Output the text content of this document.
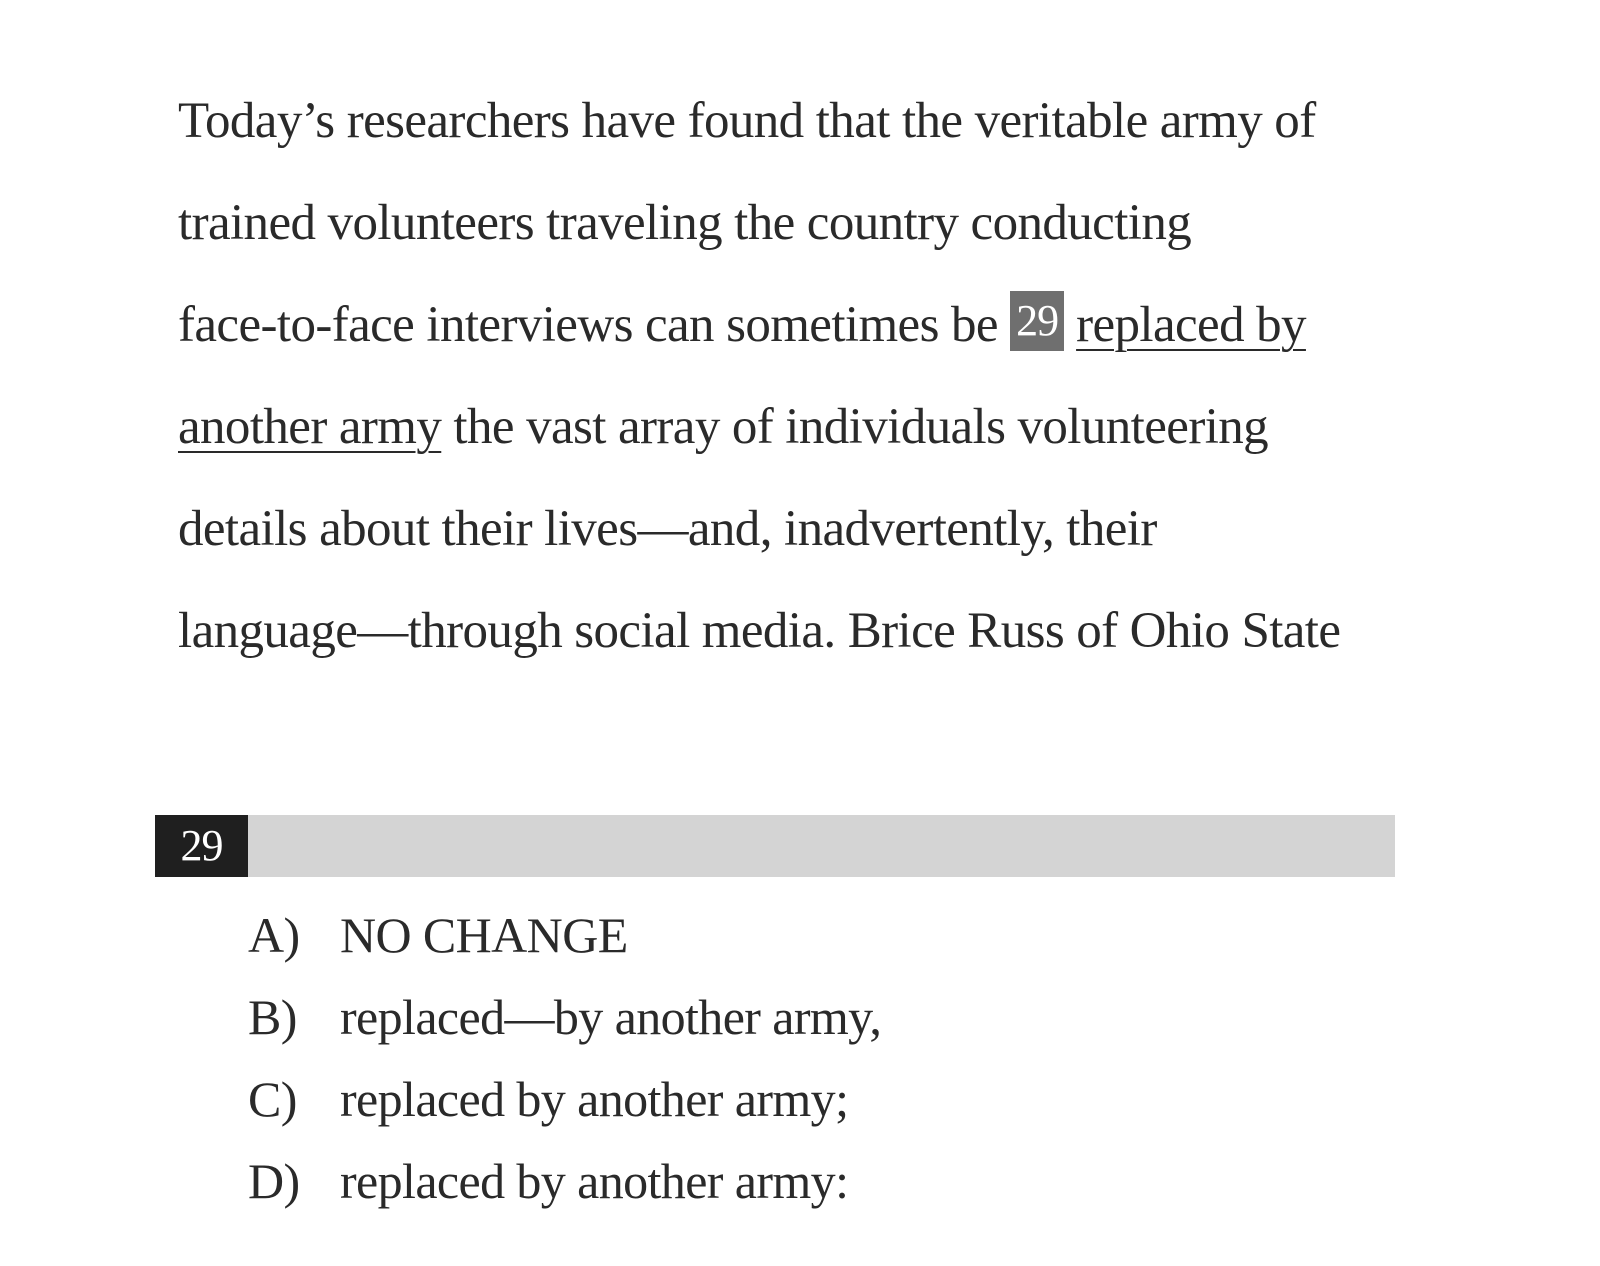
Today’s researchers have found that the veritable army of
trained volunteers traveling the country conducting
face-to-face interviews can sometimes be 29 replaced by
another army the vast array of individuals volunteering
details about their lives—and, inadvertently, their
language—through social media. Brice Russ of Ohio State
29
A) NO CHANGE
B) replaced—by another army,
C) replaced by another army;
D) replaced by another army:
